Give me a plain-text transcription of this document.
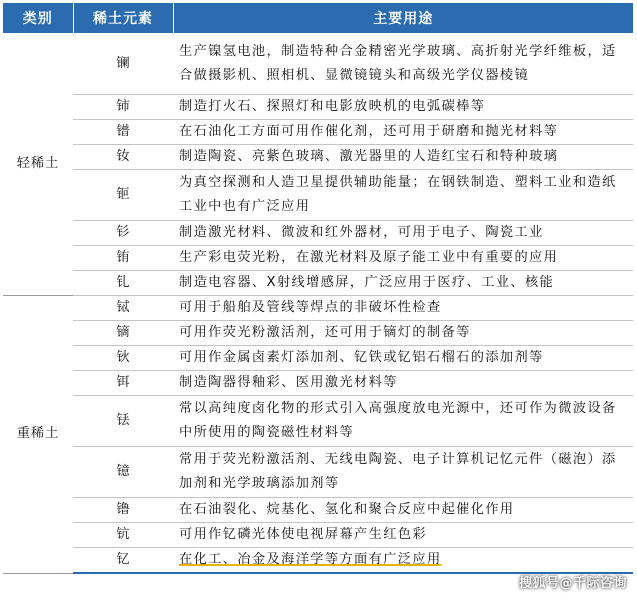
类别	稀土元素	主要用途
轻稀土	镧	生产镍氢电池，制造特种合金精密光学玻璃、高折射光学纤维板，适合做摄影机、照相机、显微镜镜头和高级光学仪器棱镜
	铈	制造打火石、探照灯和电影放映机的电弧碳棒等
	镨	在石油化工方面可用作催化剂，还可用于研磨和抛光材料等
	钕	制造陶瓷、亮紫色玻璃、激光器里的人造红宝石和特种玻璃
	钷	为真空探测和人造卫星提供辅助能量；在钢铁制造、塑料工业和造纸工业中也有广泛应用
	钐	制造激光材料、微波和红外器材，可用于电子、陶瓷工业
	铕	生产彩电荧光粉，在激光材料及原子能工业中有重要的应用
	钆	制造电容器、X射线增感屏，广泛应用于医疗、工业、核能
重稀土	铽	可用于船舶及管线等焊点的非破坏性检查
	镝	可用作荧光粉激活剂，还可用于镝灯的制备等
	钬	可用作金属卤素灯添加剂、钇铁或钇铝石榴石的添加剂等
	铒	制造陶器得釉彩、医用激光材料等
	铥	常以高纯度卤化物的形式引入高强度放电光源中，还可作为微波设备中所使用的陶瓷磁性材料等
	镱	常用于荧光粉激活剂、无线电陶瓷、电子计算机记忆元件（磁泡）添加剂和光学玻璃添加剂等
	镥	在石油裂化、烷基化、氢化和聚合反应中起催化作用
	钪	可用作钇磷光体使电视屏幕产生红色彩
	钇	在化工、冶金及海洋学等方面有广泛应用
搜狐号@千际咨询
